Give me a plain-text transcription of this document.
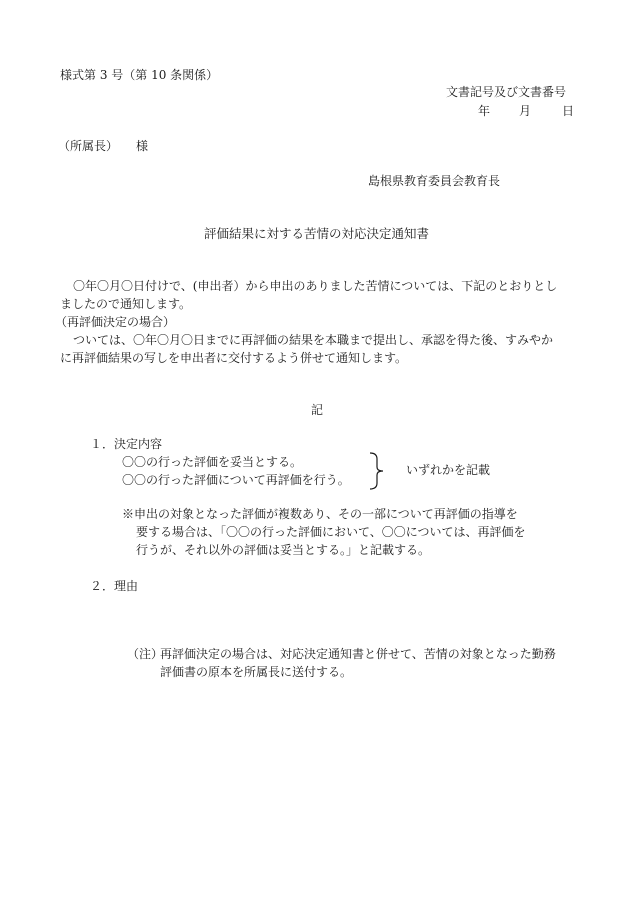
様式第 3 号（第 10 条関係）

文書記号及び文書番号

年 月	日

（所属長） 様

島根県教育委員会教育長

評価結果に対する苦情の対応決定通知書

〇年〇月〇日付けで、(申出者）から申出のありました苦情については、下記のとおりとし

ましたので通知します。

（再評価決定の場合）

ついては、〇年〇月〇日までに再評価の結果を本職まで提出し、承認を得た後、すみやか

に再評価結果の写しを申出者に交付するよう併せて通知します。

記

１．決定内容

〇〇の行った評価を妥当とする。

〇〇の行った評価について再評価を行う。

いずれかを記載

※申出の対象となった評価が複数あり、その一部について再評価の指導を

要する場合は、「〇〇の行った評価において、〇〇については、再評価を

行うが、それ以外の評価は妥当とする。」と記載する。

２．理由

（注）

再評価決定の場合は、対応決定通知書と併せて、苦情の対象となった勤務

評価書の原本を所属長に送付する。
